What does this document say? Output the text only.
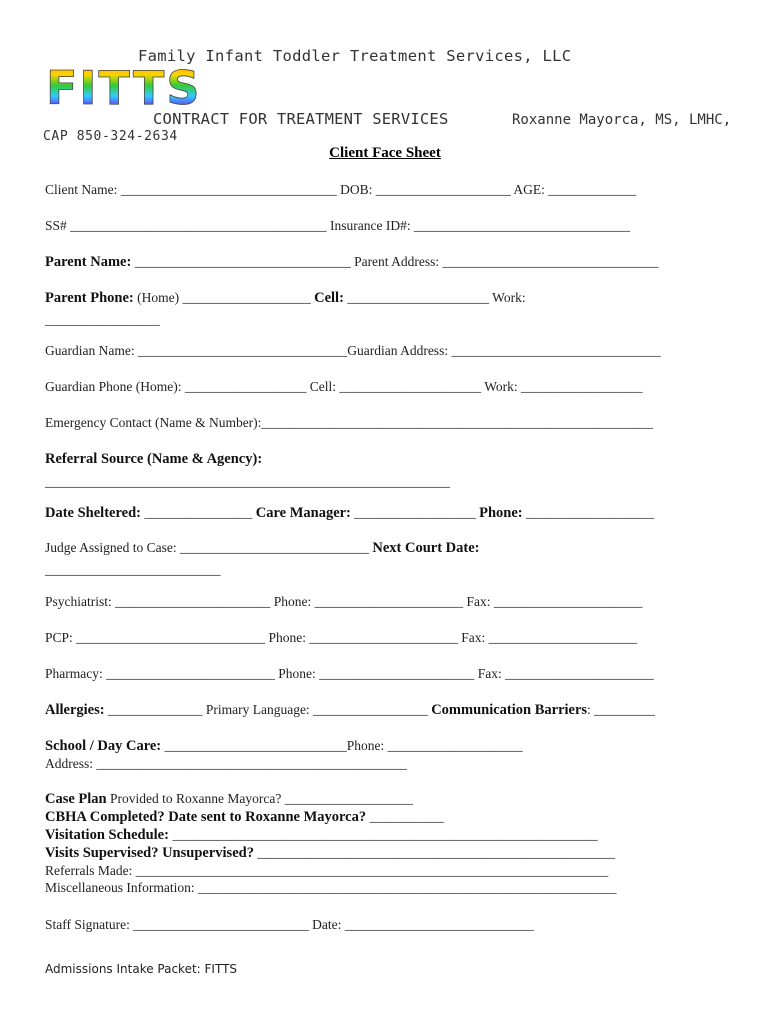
Family Infant Toddler Treatment Services, LLC
FITTS
CONTRACT FOR TREATMENT SERVICES	Roxanne Mayorca, MS, LMHC,
CAP 850-324-2634
Client Face Sheet
Client Name: ________________________________ DOB: ____________________ AGE: _____________
SS# ______________________________________ Insurance ID#: ________________________________
Parent Name: ________________________________ Parent Address: ________________________________
Parent Phone: (Home) ___________________ Cell: _____________________ Work:
_________________
Guardian Name: _______________________________Guardian Address: _______________________________
Guardian Phone (Home): __________________ Cell: _____________________ Work: __________________
Emergency Contact (Name & Number):__________________________________________________________
Referral Source (Name & Agency):
____________________________________________________________
Date Sheltered: ________________ Care Manager: __________________ Phone: ___________________
Judge Assigned to Case: ____________________________ Next Court Date:
__________________________
Psychiatrist: _______________________ Phone: ______________________ Fax: ______________________
PCP: ____________________________ Phone: ______________________ Fax: ______________________
Pharmacy: _________________________ Phone: _______________________ Fax: ______________________
Allergies: ______________ Primary Language: _________________ Communication Barriers: _________
School / Day Care: ___________________________Phone: ____________________
Address: ______________________________________________
Case Plan Provided to Roxanne Mayorca? ___________________
CBHA Completed? Date sent to Roxanne Mayorca? ___________
Visitation Schedule: _______________________________________________________________
Visits Supervised? Unsupervised? _____________________________________________________
Referrals Made: ______________________________________________________________________
Miscellaneous Information: ______________________________________________________________
Staff Signature: __________________________ Date: ____________________________
Admissions Intake Packet: FITTS
